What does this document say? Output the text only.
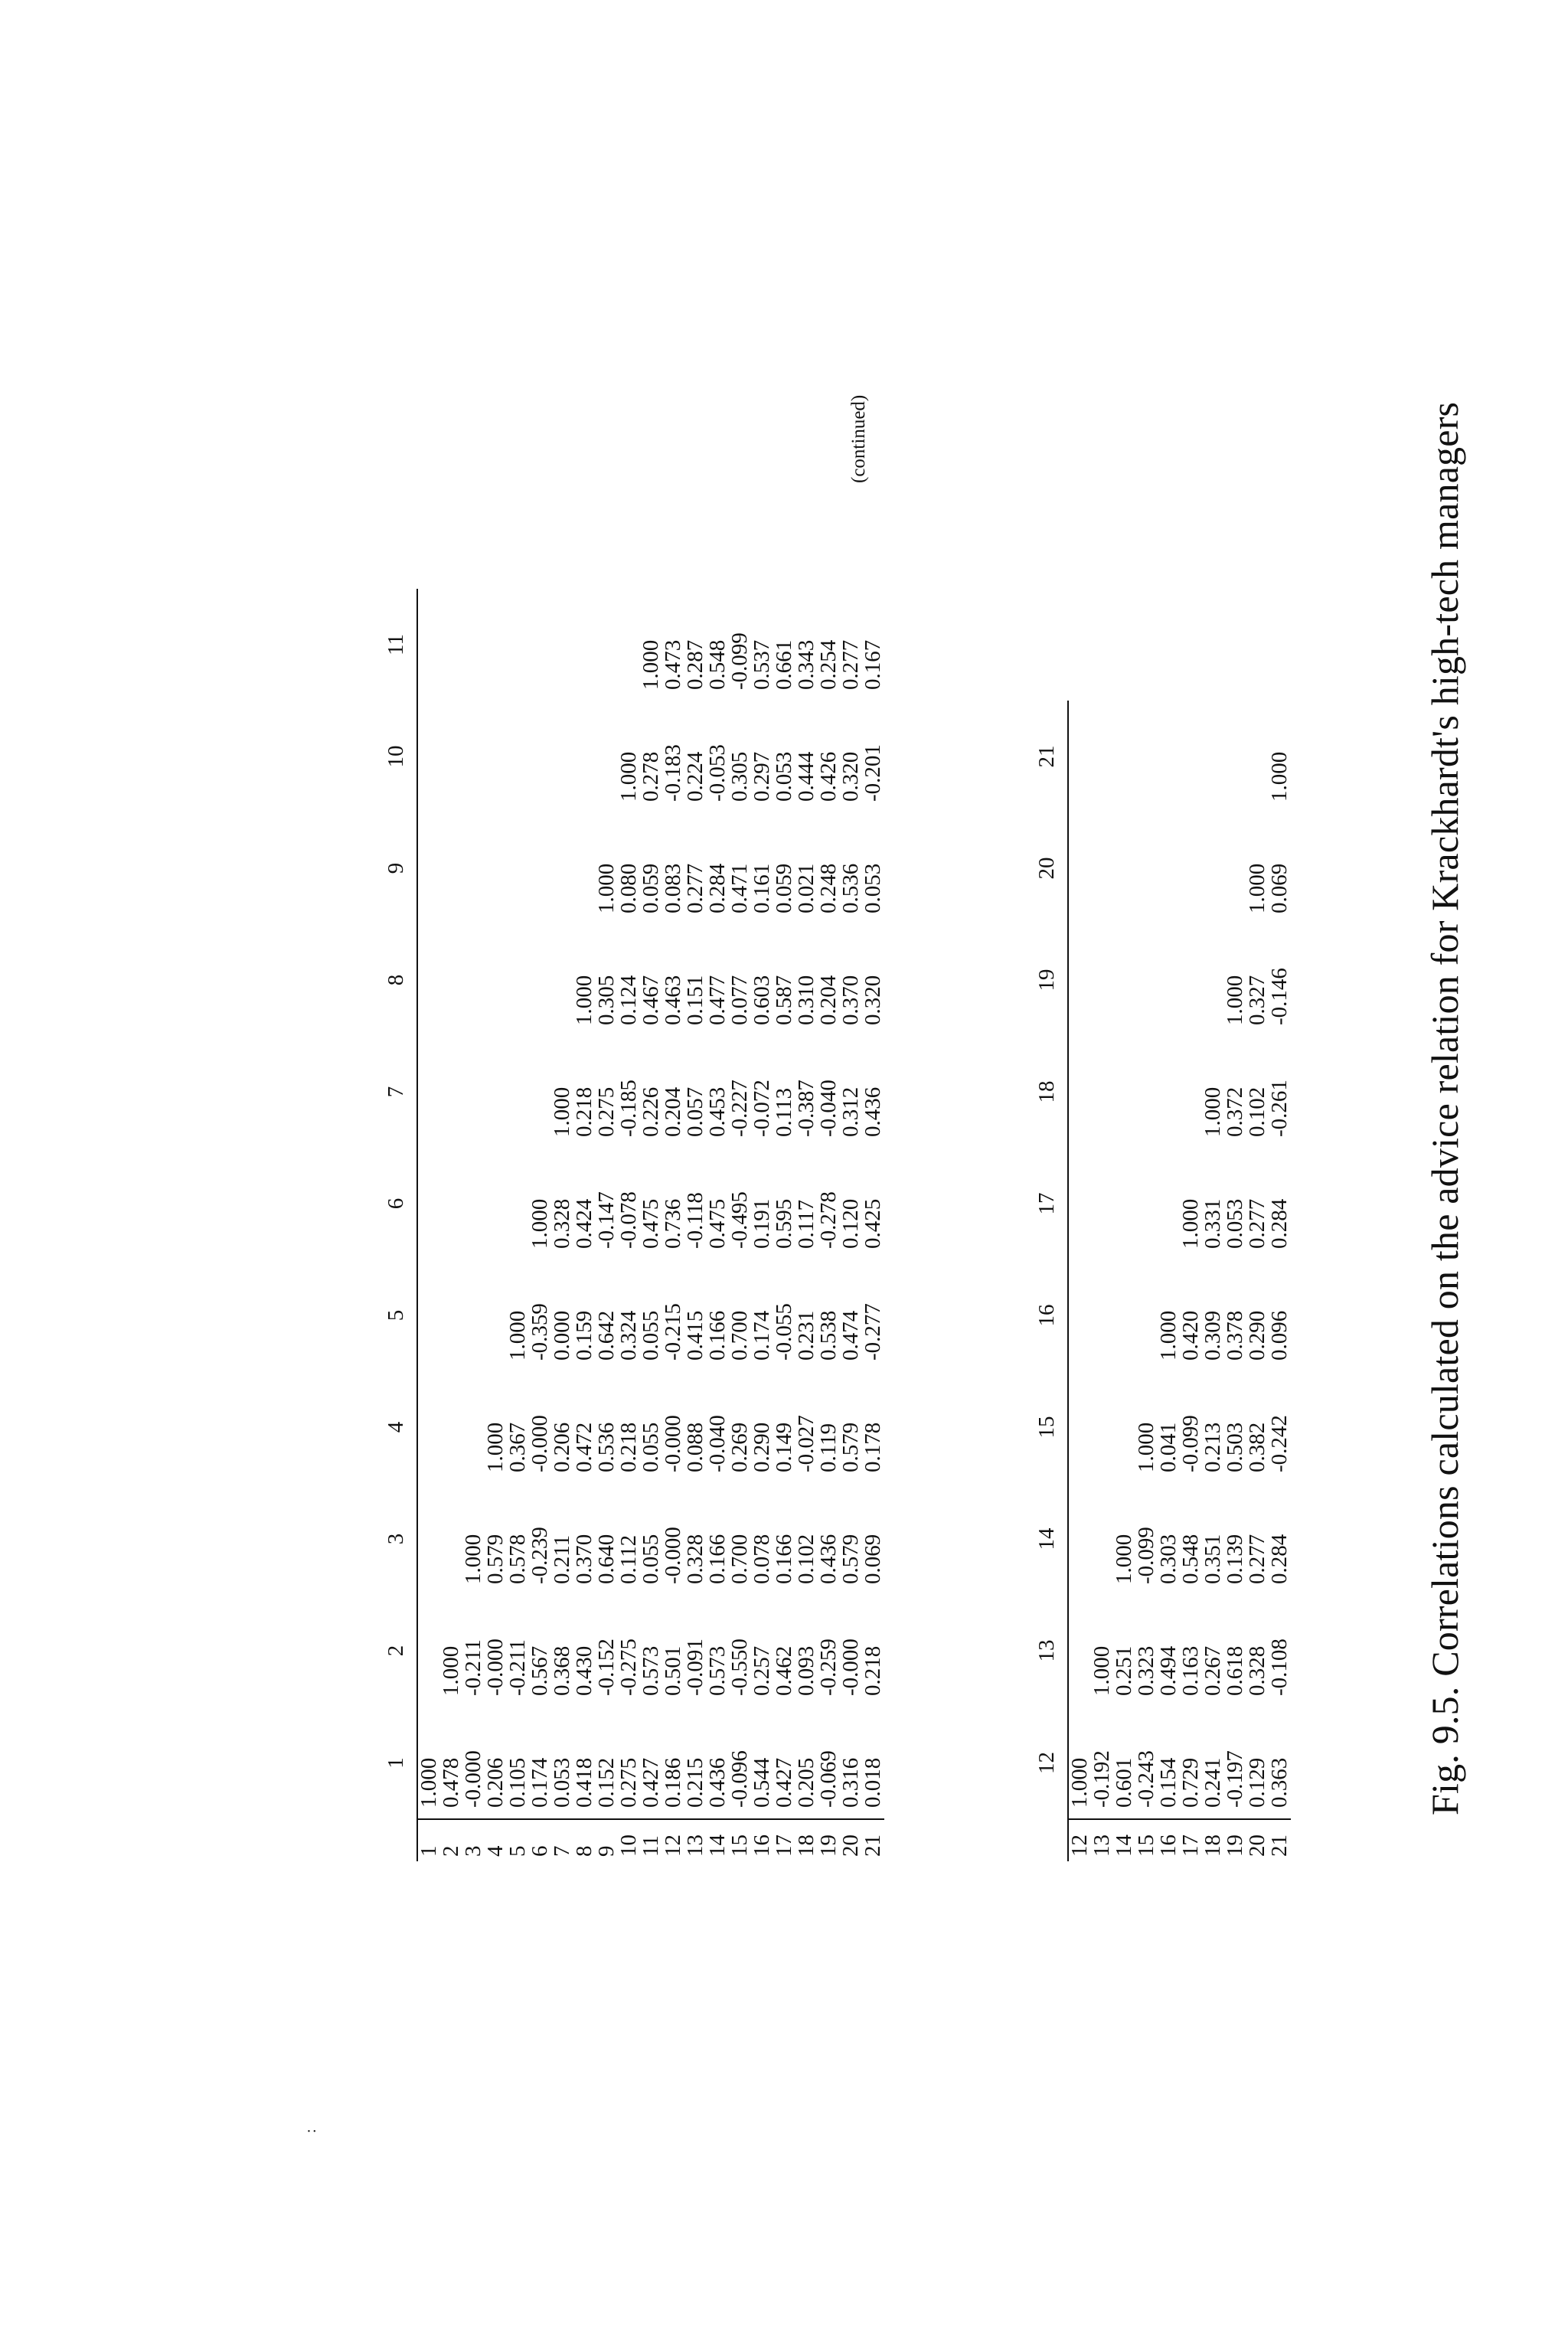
	1	2	3	4	5	6	7	8	9	10	11
1	1.000										
2	0.478	1.000									
3	-0.000	-0.211	1.000								
4	0.206	-0.000	0.579	1.000							
5	0.105	-0.211	0.578	0.367	1.000						
6	0.174	0.567	-0.239	-0.000	-0.359	1.000					
7	0.053	0.368	0.211	0.206	0.000	0.328	1.000				
8	0.418	0.430	0.370	0.472	0.159	0.424	0.218	1.000			
9	0.152	-0.152	0.640	0.536	0.642	-0.147	0.275	0.305	1.000		
10	0.275	-0.275	0.112	0.218	0.324	-0.078	-0.185	0.124	0.080	1.000	
11	0.427	0.573	0.055	0.055	0.055	0.475	0.226	0.467	0.059	0.278	1.000
12	0.186	0.501	-0.000	-0.000	-0.215	0.736	0.204	0.463	0.083	-0.183	0.473
13	0.215	-0.091	0.328	0.088	0.415	-0.118	0.057	0.151	0.277	0.224	0.287
14	0.436	0.573	0.166	-0.040	0.166	0.475	0.453	0.477	0.284	-0.053	0.548
15	-0.096	-0.550	0.700	0.269	0.700	-0.495	-0.227	0.077	0.471	0.305	-0.099
16	0.544	0.257	0.078	0.290	0.174	0.191	-0.072	0.603	0.161	0.297	0.537
17	0.427	0.462	0.166	0.149	-0.055	0.595	0.113	0.587	0.059	0.053	0.661
18	0.205	0.093	0.102	-0.027	0.231	0.117	-0.387	0.310	0.021	0.444	0.343
19	-0.069	-0.259	0.436	0.119	0.538	-0.278	-0.040	0.204	0.248	0.426	0.254
20	0.316	-0.000	0.579	0.579	0.474	0.120	0.312	0.370	0.536	0.320	0.277
21	0.018	0.218	0.069	0.178	-0.277	0.425	0.436	0.320	0.053	-0.201	0.167
	12	13	14	15	16	17	18	19	20	21
12	1.000									
13	-0.192	1.000								
14	0.601	0.251	1.000							
15	-0.243	0.323	-0.099	1.000						
16	0.154	0.494	0.303	0.041	1.000					
17	0.729	0.163	0.548	-0.099	0.420	1.000				
18	0.241	0.267	0.351	0.213	0.309	0.331	1.000			
19	-0.197	0.618	0.139	0.503	0.378	0.053	0.372	1.000		
20	0.129	0.328	0.277	0.382	0.290	0.277	0.102	0.327	1.000	
21	0.363	-0.108	0.284	-0.242	0.096	0.284	-0.261	-0.146	0.069	1.000
(continued)	Fig. 9.5. Correlations calculated on the advice relation for Krackhardt's high-tech managers
:
